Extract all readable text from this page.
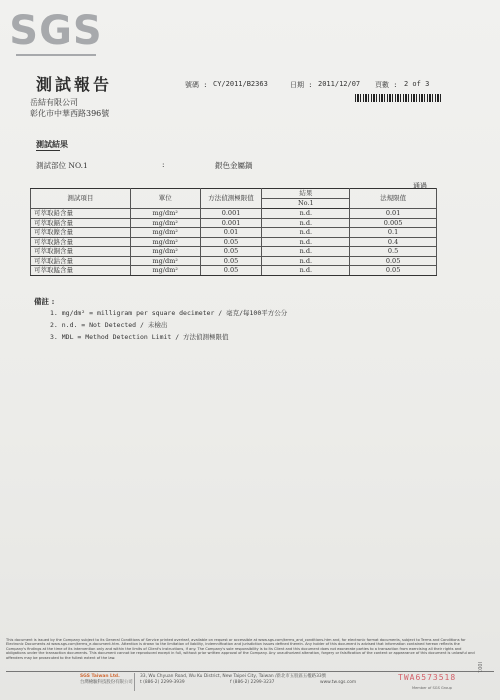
SGS
測試報告	號碼 : CY/2011/B2363	日期 : 2011/12/07 頁數 : 2 of 3
岳結有限公司
彰化市中華西路396號
測試結果
測試部位 NO.1	:	銀色金屬鍋
通過
測試項目	單位	方法偵測極限值	結果	法規限值
			No.1	
可萃取鉛含量	mg/dm²	0.001	n.d.	0.01
可萃取鎘含量	mg/dm²	0.001	n.d.	0.005
可萃取鎳含量	mg/dm²	0.01	n.d.	0.1
可萃取鉻含量	mg/dm²	0.05	n.d.	0.4
可萃取銅含量	mg/dm²	0.05	n.d.	0.5
可萃取鈷含量	mg/dm²	0.05	n.d.	0.05
可萃取錳含量	mg/dm²	0.05	n.d.	0.05
備註 :
1. mg/dm² = milligram per square decimeter / 毫克/每100平方公分
2. n.d. = Not Detected / 未檢出
3. MDL = Method Detection Limit / 方法偵測極限值
This document is issued by the Company subject to its General Conditions of Service printed overleaf, available on request or accessible at www.sgs.com/terms_and_conditions.htm and, for electronic format documents, subject to Terms and Conditions for Electronic Documents at www.sgs.com/terms_e-document.htm. Attention is drawn to the limitation of liability, indemnification and jurisdiction issues defined therein. Any holder of this document is advised that information contained hereon reflects the Company's findings at the time of its intervention only and within the limits of Client's instructions, if any. The Company's sole responsibility is to its Client and this document does not exonerate parties to a transaction from exercising all their rights and obligations under the transaction documents. This document cannot be reproduced except in full, without prior written approval of the Company. Any unauthorized alteration, forgery or falsification of the content or appearance of this document is unlawful and offenders may be prosecuted to the fullest extent of the law.
SGS Taiwan Ltd.
台灣檢驗科技股份有限公司
33, Wu Chyuan Road, Wu Ku District, New Taipei City, Taiwan /新北市五股區五權路33號
t (886-2) 2299-3939	f (886-2) 2299-3237	www.tw.sgs.com
TWA6573518
Member of SGS Group
I001
